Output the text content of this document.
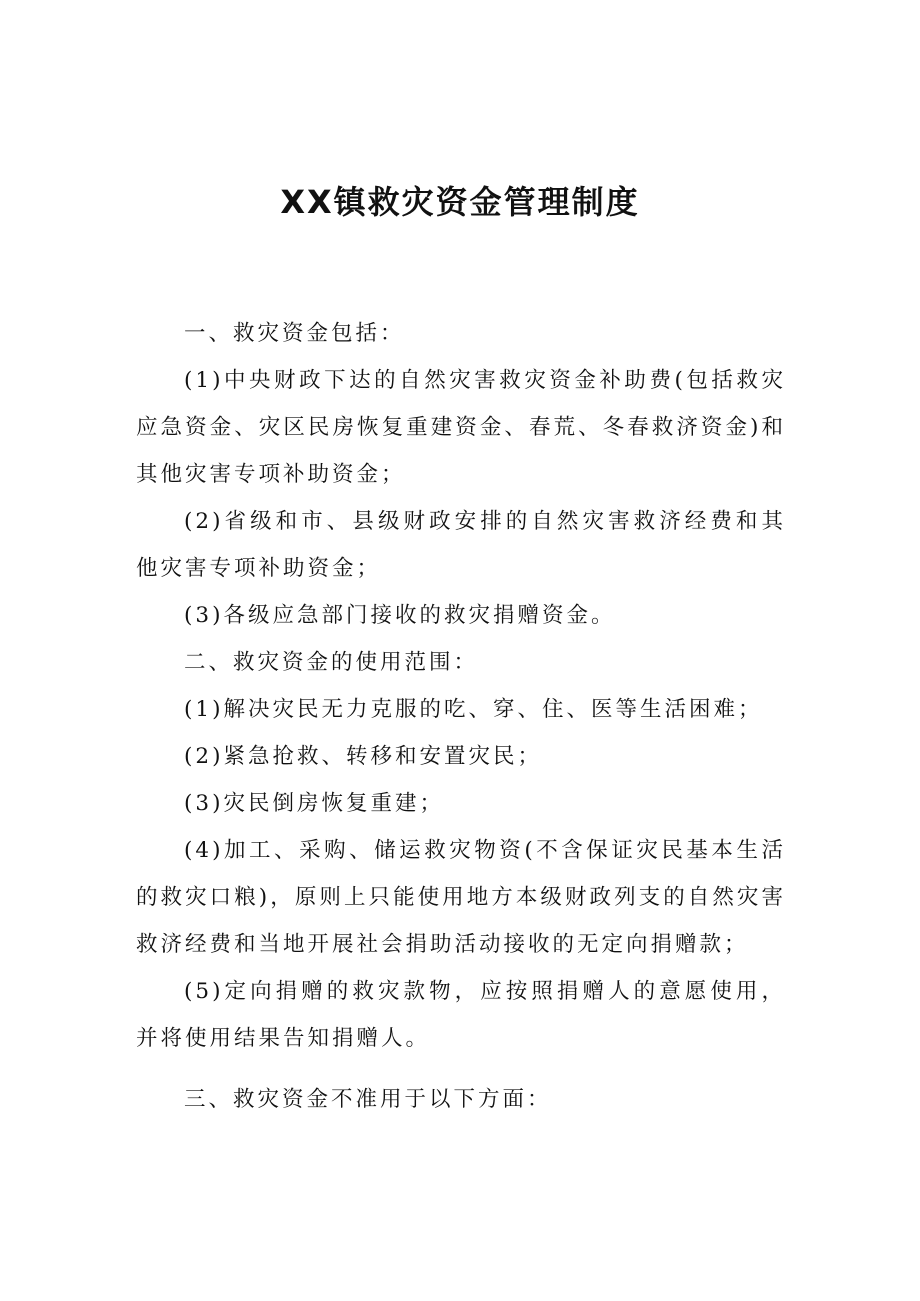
XX镇救灾资金管理制度

一、救灾资金包括：

(1)中央财政下达的自然灾害救灾资金补助费(包括救灾应急资金、灾区民房恢复重建资金、春荒、冬春救济资金)和其他灾害专项补助资金；

(2)省级和市、县级财政安排的自然灾害救济经费和其他灾害专项补助资金；

(3)各级应急部门接收的救灾捐赠资金。

二、救灾资金的使用范围：

(1)解决灾民无力克服的吃、穿、住、医等生活困难；

(2)紧急抢救、转移和安置灾民；

(3)灾民倒房恢复重建；

(4)加工、采购、储运救灾物资(不含保证灾民基本生活的救灾口粮)，原则上只能使用地方本级财政列支的自然灾害救济经费和当地开展社会捐助活动接收的无定向捐赠款；

(5)定向捐赠的救灾款物，应按照捐赠人的意愿使用，并将使用结果告知捐赠人。

三、救灾资金不准用于以下方面：
